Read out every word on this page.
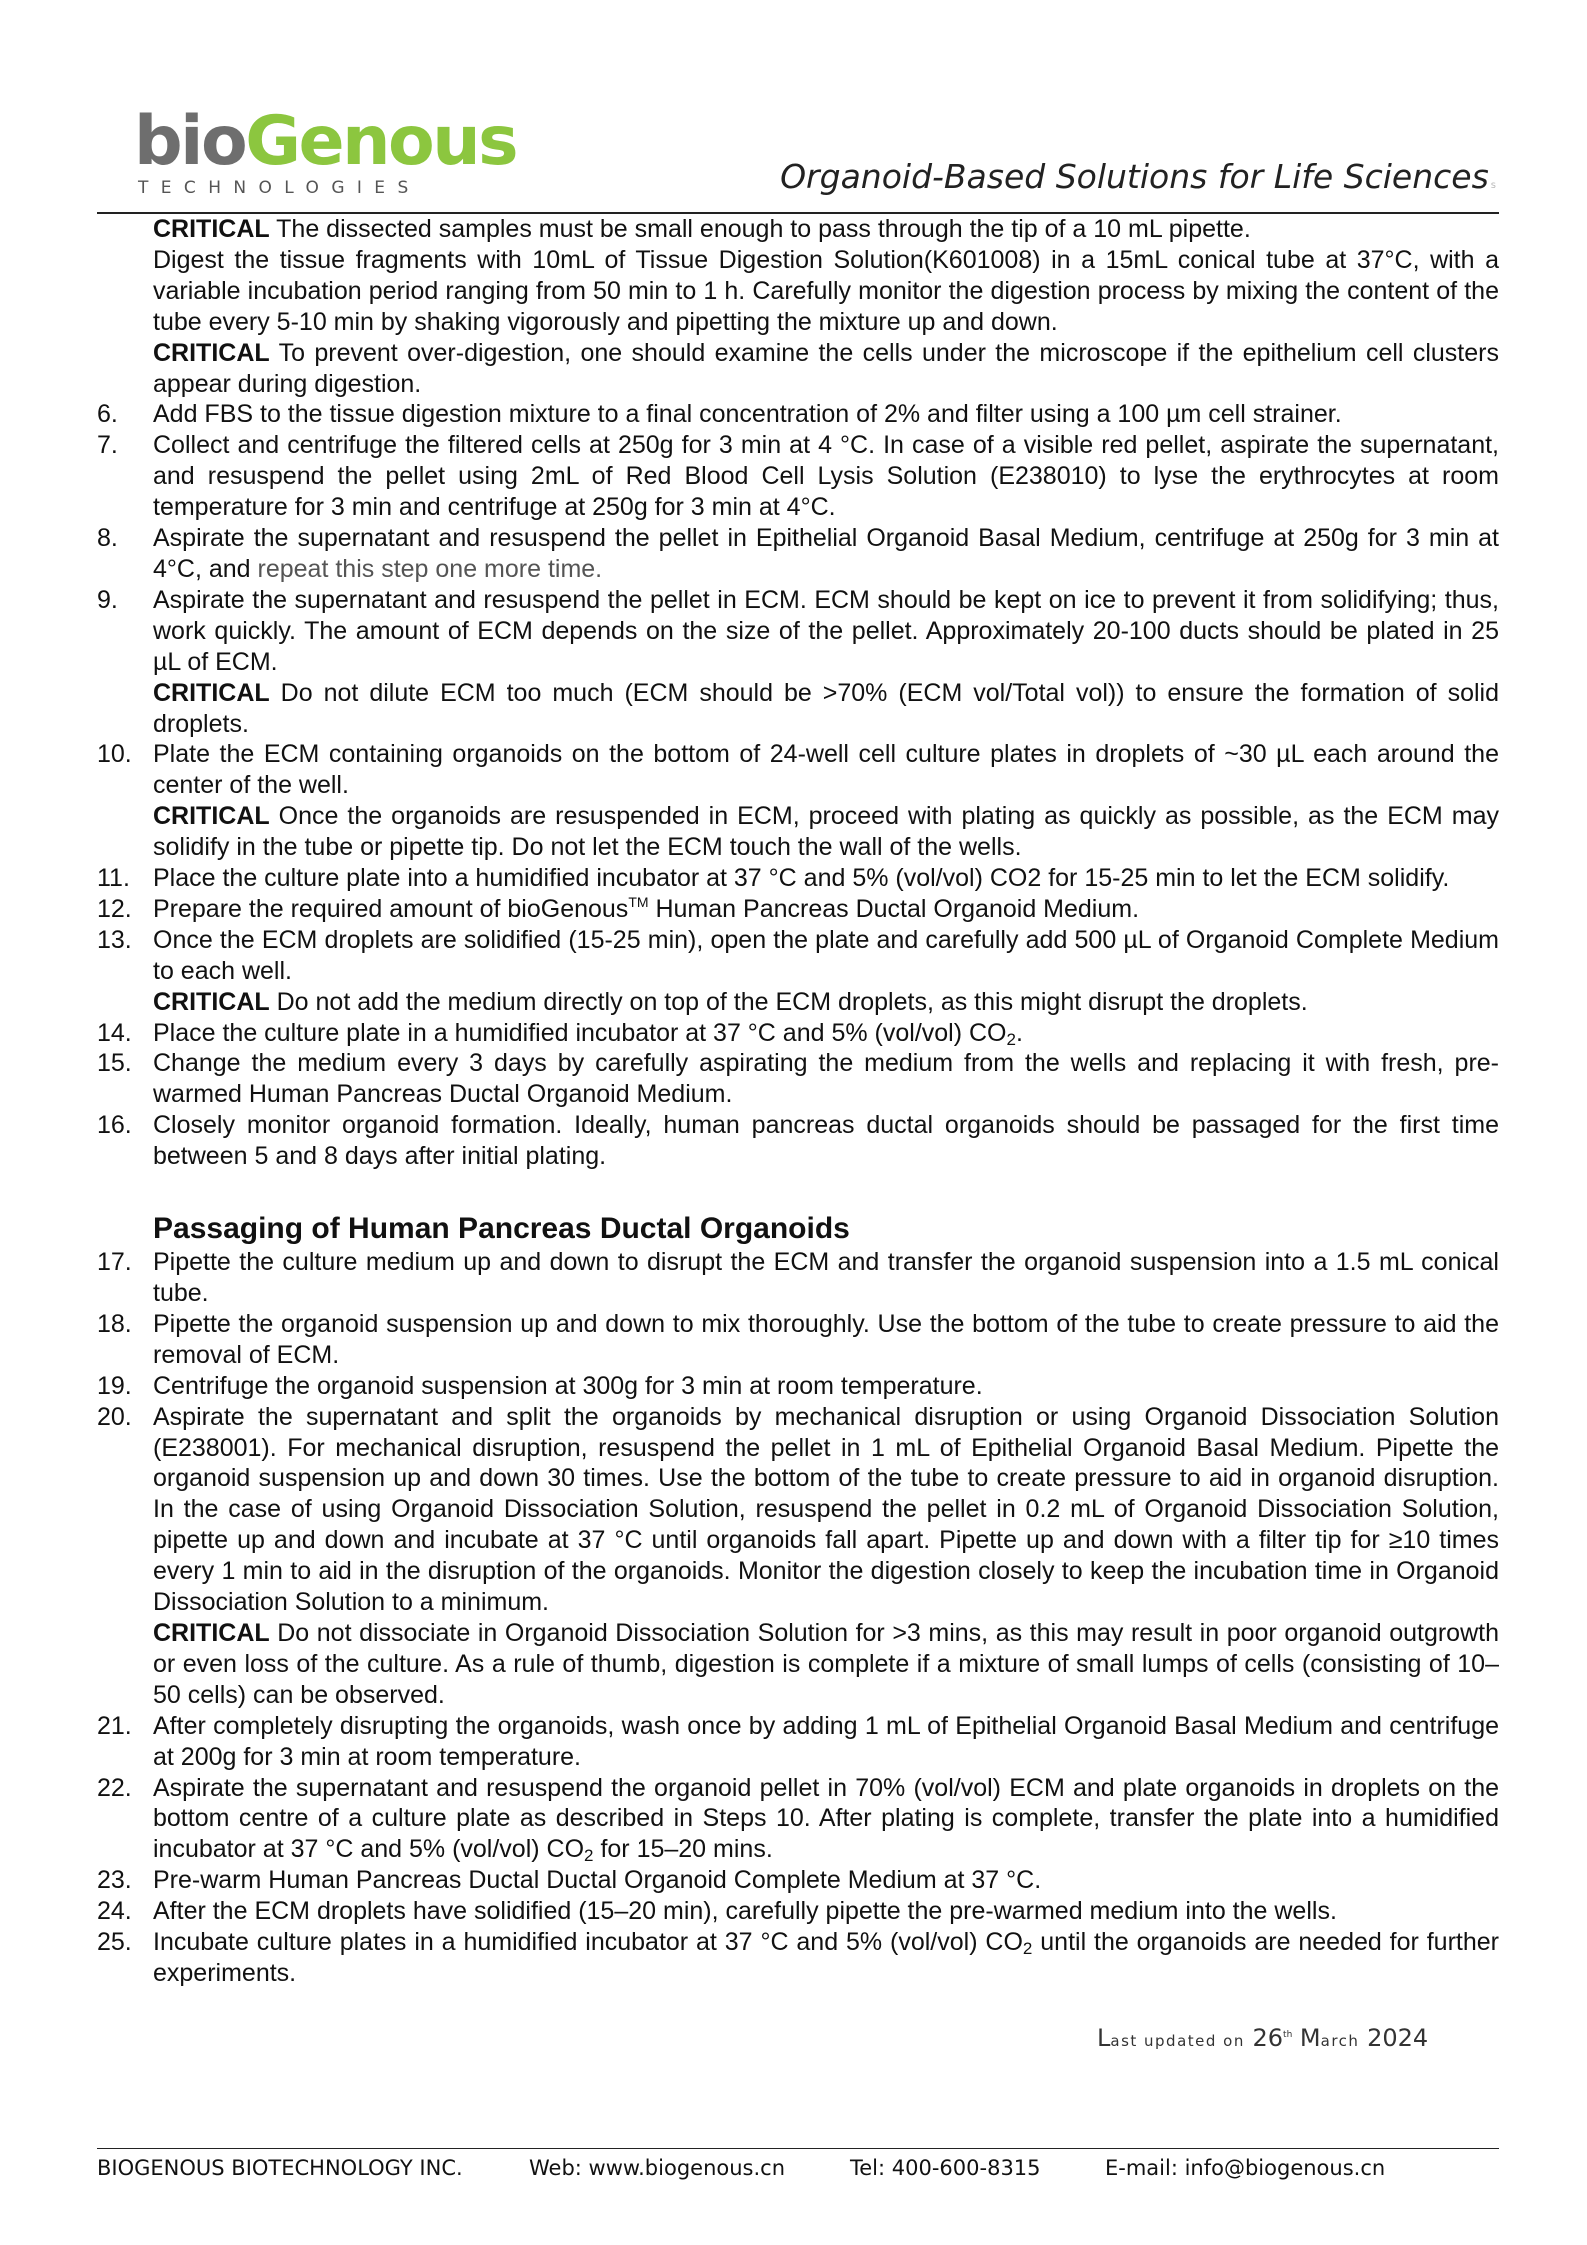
bioGenous
TECHNOLOGIES	Organoid-Based Solutions for Life Sciences s

CRITICAL The dissected samples must be small enough to pass through the tip of a 10 mL pipette.

Digest the tissue fragments with 10mL of Tissue Digestion Solution(K601008) in a 15mL conical tube at 37°C, with a variable incubation period ranging from 50 min to 1 h. Carefully monitor the digestion process by mixing the content of the tube every 5-10 min by shaking vigorously and pipetting the mixture up and down.

CRITICAL To prevent over-digestion, one should examine the cells under the microscope if the epithelium cell clusters appear during digestion.

6. Add FBS to the tissue digestion mixture to a final concentration of 2% and filter using a 100 µm cell strainer.

7. Collect and centrifuge the filtered cells at 250g for 3 min at 4 °C. In case of a visible red pellet, aspirate the supernatant, and resuspend the pellet using 2mL of Red Blood Cell Lysis Solution (E238010) to lyse the erythrocytes at room temperature for 3 min and centrifuge at 250g for 3 min at 4°C.

8. Aspirate the supernatant and resuspend the pellet in Epithelial Organoid Basal Medium, centrifuge at 250g for 3 min at 4°C, and repeat this step one more time.

9. Aspirate the supernatant and resuspend the pellet in ECM. ECM should be kept on ice to prevent it from solidifying; thus, work quickly. The amount of ECM depends on the size of the pellet. Approximately 20-100 ducts should be plated in 25 µL of ECM.

CRITICAL Do not dilute ECM too much (ECM should be >70% (ECM vol/Total vol)) to ensure the formation of solid droplets.

10. Plate the ECM containing organoids on the bottom of 24-well cell culture plates in droplets of ~30 µL each around the center of the well.

CRITICAL Once the organoids are resuspended in ECM, proceed with plating as quickly as possible, as the ECM may solidify in the tube or pipette tip. Do not let the ECM touch the wall of the wells.

11. Place the culture plate into a humidified incubator at 37 °C and 5% (vol/vol) CO2 for 15-25 min to let the ECM solidify.

12. Prepare the required amount of bioGenous™ Human Pancreas Ductal Organoid Medium.

13. Once the ECM droplets are solidified (15-25 min), open the plate and carefully add 500 µL of Organoid Complete Medium to each well.

CRITICAL Do not add the medium directly on top of the ECM droplets, as this might disrupt the droplets.

14. Place the culture plate in a humidified incubator at 37 °C and 5% (vol/vol) $CO_2$.

15. Change the medium every 3 days by carefully aspirating the medium from the wells and replacing it with fresh, pre-warmed Human Pancreas Ductal Organoid Medium.

16. Closely monitor organoid formation. Ideally, human pancreas ductal organoids should be passaged for the first time between 5 and 8 days after initial plating.

Passaging of Human Pancreas Ductal Organoids

17. Pipette the culture medium up and down to disrupt the ECM and transfer the organoid suspension into a 1.5 mL conical tube.

18. Pipette the organoid suspension up and down to mix thoroughly. Use the bottom of the tube to create pressure to aid the removal of ECM.

19. Centrifuge the organoid suspension at 300g for 3 min at room temperature.

20. Aspirate the supernatant and split the organoids by mechanical disruption or using Organoid Dissociation Solution (E238001). For mechanical disruption, resuspend the pellet in 1 mL of Epithelial Organoid Basal Medium. Pipette the organoid suspension up and down 30 times. Use the bottom of the tube to create pressure to aid in organoid disruption. In the case of using Organoid Dissociation Solution, resuspend the pellet in 0.2 mL of Organoid Dissociation Solution, pipette up and down and incubate at 37 °C until organoids fall apart. Pipette up and down with a filter tip for ≥10 times every 1 min to aid in the disruption of the organoids. Monitor the digestion closely to keep the incubation time in Organoid Dissociation Solution to a minimum.

CRITICAL Do not dissociate in Organoid Dissociation Solution for >3 mins, as this may result in poor organoid outgrowth or even loss of the culture. As a rule of thumb, digestion is complete if a mixture of small lumps of cells (consisting of 10–50 cells) can be observed.

21. After completely disrupting the organoids, wash once by adding 1 mL of Epithelial Organoid Basal Medium and centrifuge at 200g for 3 min at room temperature.

22. Aspirate the supernatant and resuspend the organoid pellet in 70% (vol/vol) ECM and plate organoids in droplets on the bottom centre of a culture plate as described in Steps 10. After plating is complete, transfer the plate into a humidified incubator at 37 °C and 5% (vol/vol) $CO_2$ for 15–20 mins.

23. Pre-warm Human Pancreas Ductal Ductal Organoid Complete Medium at 37 °C.

24. After the ECM droplets have solidified (15–20 min), carefully pipette the pre-warmed medium into the wells.

25. Incubate culture plates in a humidified incubator at 37 °C and 5% (vol/vol) $CO_2$ until the organoids are needed for further experiments.

Last updated on 26th March 2024
BIOGENOUS BIOTECHNOLOGY INC.	Web: www.biogenous.cn	Tel: 400-600-8315	E-mail: info@biogenous.cn
